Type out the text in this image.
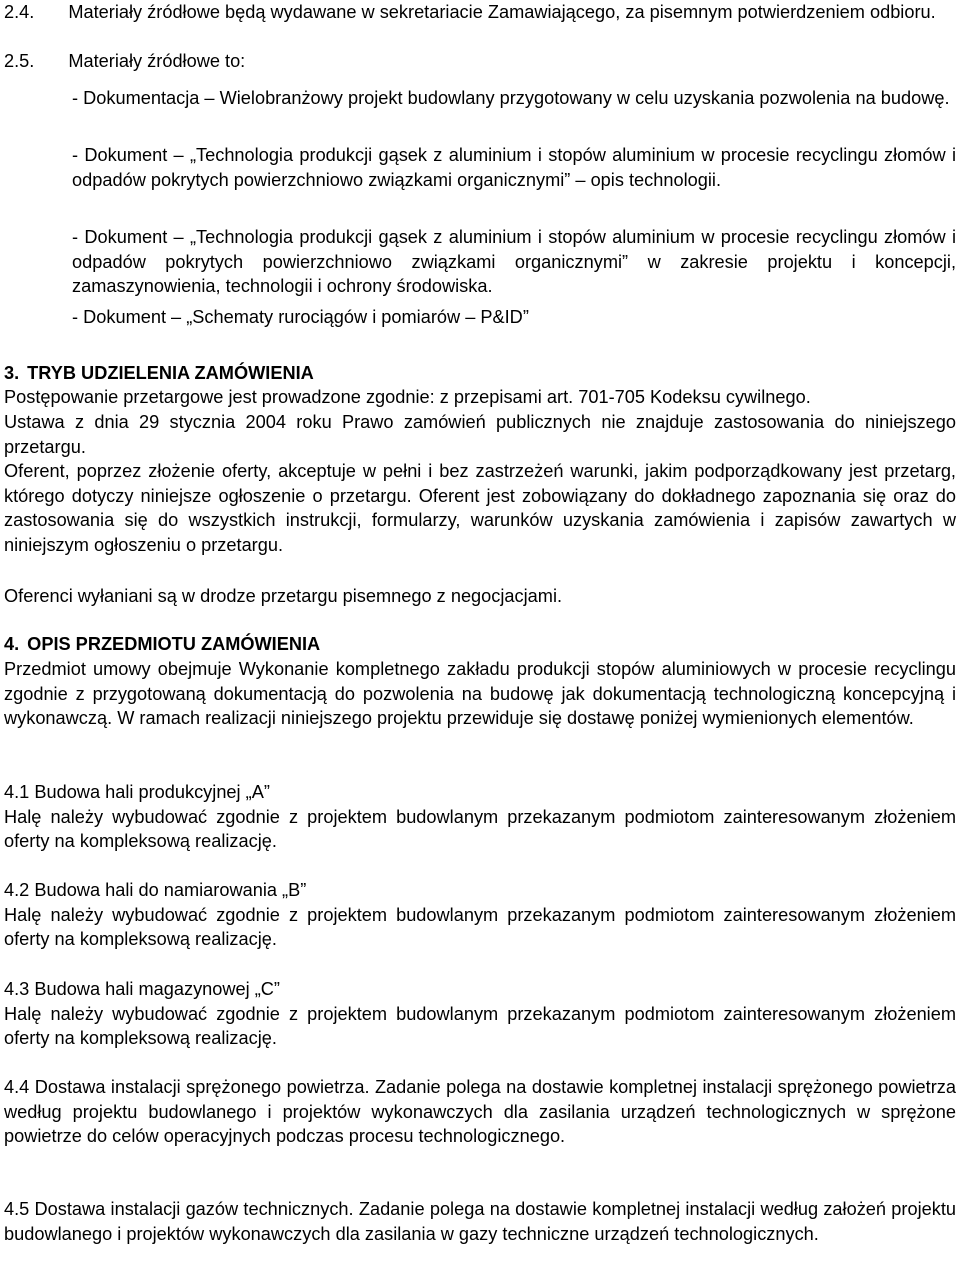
2.4. Materiały źródłowe będą wydawane w sekretariacie Zamawiającego, za pisemnym potwierdzeniem odbioru.

2.5. Materiały źródłowe to:

- Dokumentacja – Wielobranżowy projekt budowlany przygotowany w celu uzyskania pozwolenia na budowę.

- Dokument – „Technologia produkcji gąsek z aluminium i stopów aluminium w procesie recyclingu złomów i odpadów pokrytych powierzchniowo związkami organicznymi” – opis technologii.

- Dokument – „Technologia produkcji gąsek z aluminium i stopów aluminium w procesie recyclingu złomów i odpadów pokrytych powierzchniowo związkami organicznymi” w zakresie projektu i koncepcji, zamaszynowienia, technologii i ochrony środowiska.

- Dokument – „Schematy rurociągów i pomiarów – P&ID”

3. TRYB UDZIELENIA ZAMÓWIENIA

Postępowanie przetargowe jest prowadzone zgodnie: z przepisami art. 701-705 Kodeksu cywilnego.

Ustawa z dnia 29 stycznia 2004 roku Prawo zamówień publicznych nie znajduje zastosowania do niniejszego przetargu.

Oferent, poprzez złożenie oferty, akceptuje w pełni i bez zastrzeżeń warunki, jakim podporządkowany jest przetarg, którego dotyczy niniejsze ogłoszenie o przetargu. Oferent jest zobowiązany do dokładnego zapoznania się oraz do zastosowania się do wszystkich instrukcji, formularzy, warunków uzyskania zamówienia i zapisów zawartych w niniejszym ogłoszeniu o przetargu.

Oferenci wyłaniani są w drodze przetargu pisemnego z negocjacjami.

4. OPIS PRZEDMIOTU ZAMÓWIENIA

Przedmiot umowy obejmuje Wykonanie kompletnego zakładu produkcji stopów aluminiowych w procesie recyclingu zgodnie z przygotowaną dokumentacją do pozwolenia na budowę jak dokumentacją technologiczną koncepcyjną i wykonawczą. W ramach realizacji niniejszego projektu przewiduje się dostawę poniżej wymienionych elementów.

4.1 Budowa hali produkcyjnej „A”
Halę należy wybudować zgodnie z projektem budowlanym przekazanym podmiotom zainteresowanym złożeniem oferty na kompleksową realizację.
4.2 Budowa hali do namiarowania „B”
Halę należy wybudować zgodnie z projektem budowlanym przekazanym podmiotom zainteresowanym złożeniem oferty na kompleksową realizację.
4.3 Budowa hali magazynowej „C”
Halę należy wybudować zgodnie z projektem budowlanym przekazanym podmiotom zainteresowanym złożeniem oferty na kompleksową realizację.

4.4 Dostawa instalacji sprężonego powietrza. Zadanie polega na dostawie kompletnej instalacji sprężonego powietrza według projektu budowlanego i projektów wykonawczych dla zasilania urządzeń technologicznych w sprężone powietrze do celów operacyjnych podczas procesu technologicznego.

4.5 Dostawa instalacji gazów technicznych. Zadanie polega na dostawie kompletnej instalacji według założeń projektu budowlanego i projektów wykonawczych dla zasilania w gazy techniczne urządzeń technologicznych.
